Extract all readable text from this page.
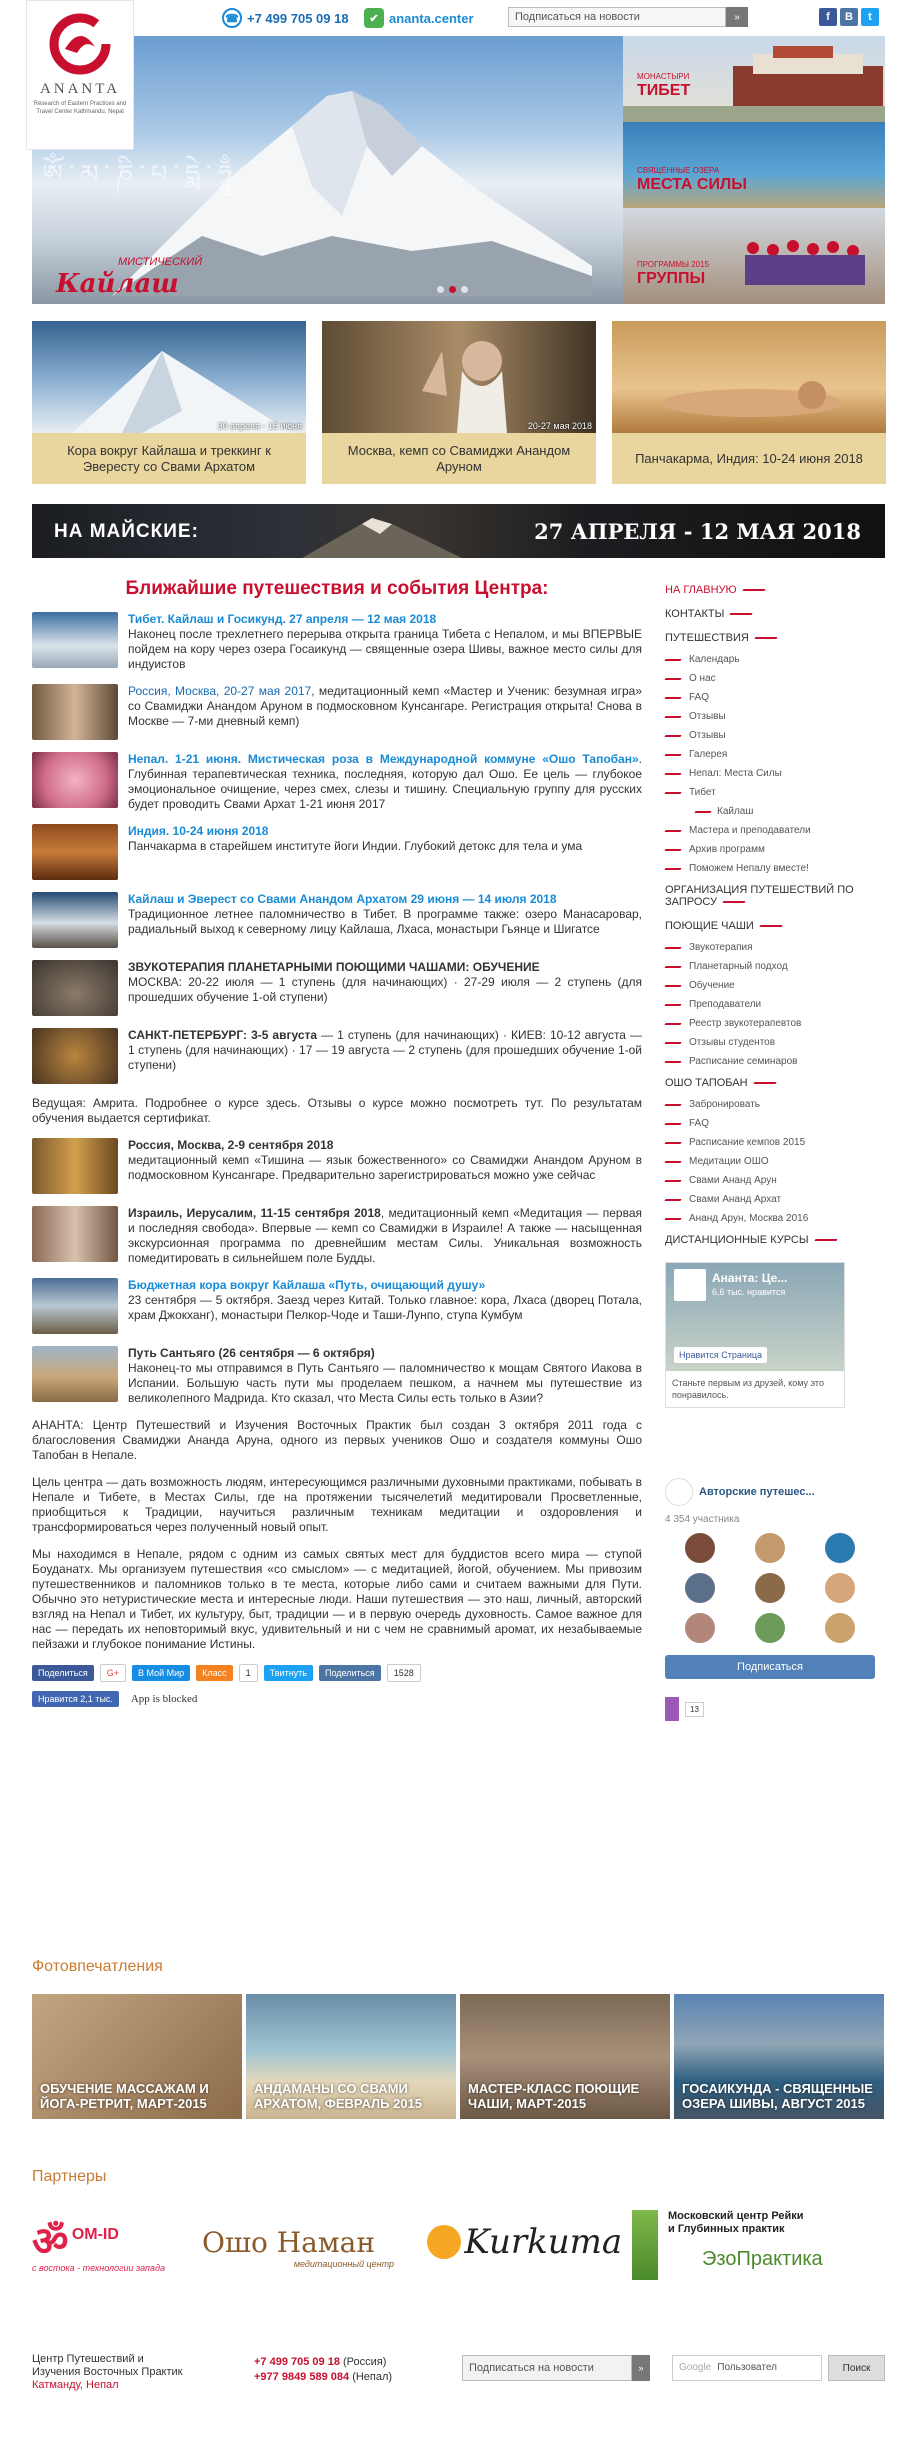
☎ +7 499 705 09 18	✔ ananta.center	Подписаться на новости	»	f	В	t
ANANTA
Research of Eastern Practices and Travel Center Kathmandu, Nepal
ༀ་མ་ཎི་པ་དྨེ་ཧཱུྃ
МИСТИЧЕСКИЙ
Кайлаш
МОНАСТЫРИ
ТИБЕТ
СВЯЩЕННЫЕ ОЗЕРА
МЕСТА СИЛЫ
ПРОГРАММЫ 2015
ГРУППЫ
30 апреля - 15 июня
Кора вокруг Кайлаша и треккинг к Эвересту со Свами Архатом
20-27 мая 2018
Москва, кемп со Свамиджи Анандом Аруном
Панчакарма, Индия: 10-24 июня 2018
НА МАЙСКИЕ:	27 АПРЕЛЯ - 12 МАЯ 2018
Ближайшие путешествия и события Центра:
Тибет. Кайлаш и Госикунд. 27 апреля — 12 мая 2018
Наконец после трехлетнего перерыва открыта граница Тибета с Непалом, и мы ВПЕРВЫЕ пойдем на кору через озера Госаикунд — священные озера Шивы, важное место силы для индуистов
Россия, Москва, 20-27 мая 2017, медитационный кемп «Мастер и Ученик: безумная игра» со Свамиджи Анандом Аруном в подмосковном Кунсангаре. Регистрация открыта! Снова в Москве — 7-ми дневный кемп)
Непал. 1-21 июня. Мистическая роза в Международной коммуне «Ошо Тапобан». Глубинная терапевтическая техника, последняя, которую дал Ошо. Ее цель — глубокое эмоциональное очищение, через смех, слезы и тишину. Специальную группу для русских будет проводить Свами Архат 1-21 июня 2017
Индия. 10-24 июня 2018
Панчакарма в старейшем институте йоги Индии. Глубокий детокс для тела и ума
Кайлаш и Эверест со Свами Анандом Архатом 29 июня — 14 июля 2018
Традиционное летнее паломничество в Тибет. В программе также: озеро Манасаровар, радиальный выход к северному лицу Кайлаша, Лхаса, монастыри Гьянце и Шигатсе
ЗВУКОТЕРАПИЯ ПЛАНЕТАРНЫМИ ПОЮЩИМИ ЧАШАМИ: ОБУЧЕНИЕ
МОСКВА: 20-22 июля — 1 ступень (для начинающих) · 27-29 июля — 2 ступень (для прошедших обучение 1-ой ступени)
САНКТ-ПЕТЕРБУРГ: 3-5 августа — 1 ступень (для начинающих) · КИЕВ: 10-12 августа — 1 ступень (для начинающих) · 17 — 19 августа — 2 ступень (для прошедших обучение 1-ой ступени)
Ведущая: Амрита. Подробнее о курсе здесь. Отзывы о курсе можно посмотреть тут. По результатам обучения выдается сертификат.
Россия, Москва, 2-9 сентября 2018
медитационный кемп «Тишина — язык божественного» со Свамиджи Анандом Аруном в подмосковном Кунсангаре. Предварительно зарегистрироваться можно уже сейчас
Израиль, Иерусалим, 11-15 сентября 2018, медитационный кемп «Медитация — первая и последняя свобода». Впервые — кемп со Свамиджи в Израиле! А также — насыщенная экскурсионная программа по древнейшим местам Силы. Уникальная возможность помедитировать в сильнейшем поле Будды.
Бюджетная кора вокруг Кайлаша «Путь, очищающий душу»
23 сентября — 5 октября. Заезд через Китай. Только главное: кора, Лхаса (дворец Потала, храм Джокханг), монастыри Пелкор-Чоде и Таши-Лунпо, ступа Кумбум
Путь Сантьяго (26 сентября — 6 октября)
Наконец-то мы отправимся в Путь Сантьяго — паломничество к мощам Святого Иакова в Испании. Большую часть пути мы проделаем пешком, а начнем мы путешествие из великолепного Мадрида. Кто сказал, что Места Силы есть только в Азии?
АНАНТА: Центр Путешествий и Изучения Восточных Практик был создан 3 октября 2011 года с благословения Свамиджи Ананда Аруна, одного из первых учеников Ошо и создателя коммуны Ошо Тапобан в Непале.
Цель центра — дать возможность людям, интересующимся различными духовными практиками, побывать в Непале и Тибете, в Местах Силы, где на протяжении тысячелетий медитировали Просветленные, приобщиться к Традиции, научиться различным техникам медитации и оздоровления и трансформироваться через полученный новый опыт.
Мы находимся в Непале, рядом с одним из самых святых мест для буддистов всего мира — ступой Боуданатх. Мы организуем путешествия «со смыслом» — с медитацией, йогой, обучением. Мы привозим путешественников и паломников только в те места, которые либо сами и считаем важными для Пути. Обычно это нетуристические места и интересные люди. Наши путешествия — это наш, личный, авторский взгляд на Непал и Тибет, их культуру, быт, традиции — и в первую очередь духовность. Самое важное для нас — передать их неповторимый вкус, удивительный и ни с чем не сравнимый аромат, их незабываемые пейзажи и глубокое понимание Истины.
Поделиться	G+	В Мой Мир	Класс	1	Твитнуть	Поделиться	1528
Нравится 2,1 тыс.	App is blocked
НА ГЛАВНУЮ
КОНТАКТЫ
ПУТЕШЕСТВИЯ
Календарь
О нас
FAQ
Отзывы
Отзывы
Галерея
Непал: Места Силы
Тибет
Кайлаш
Мастера и преподаватели
Архив программ
Поможем Непалу вместе!
ОРГАНИЗАЦИЯ ПУТЕШЕСТВИЙ ПО ЗАПРОСУ
ПОЮЩИЕ ЧАШИ
Звукотерапия
Планетарный подход
Обучение
Преподаватели
Реестр звукотерапевтов
Отзывы студентов
Расписание семинаров
ОШО ТАПОБАН
Забронировать
FAQ
Расписание кемпов 2015
Медитации ОШО
Свами Ананд Арун
Свами Ананд Архат
Ананд Арун, Москва 2016
ДИСТАНЦИОННЫЕ КУРСЫ
Ананта: Це...
6,6 тыс. нравится
Нравится Страница
Станьте первым из друзей, кому это понравилось.
Авторские путешес...
4 354 участника
Подписаться
13
Фотовпечатления
ОБУЧЕНИЕ МАССАЖАМ И ЙОГА-РЕТРИТ, МАРТ-2015
АНДАМАНЫ СО СВАМИ АРХАТОМ, ФЕВРАЛЬ 2015
МАСТЕР-КЛАСС ПОЮЩИЕ ЧАШИ, МАРТ-2015
ГОСАИКУНДА - СВЯЩЕННЫЕ ОЗЕРА ШИВЫ, АВГУСТ 2015
Партнеры
ॐ OM-ID
с востока - технологии запада
Ошо Наман
медитационный центр
Kurkuma
Московский центр Рейки
и Глубинных практик
ЭзоПрактика
Центр Путешествий и
Изучения Восточных Практик
Катманду, Непал
+7 499 705 09 18 (Россия)
+977 9849 589 084 (Непал)
Подписаться на новости	»	Google Пользовател	Поиск
